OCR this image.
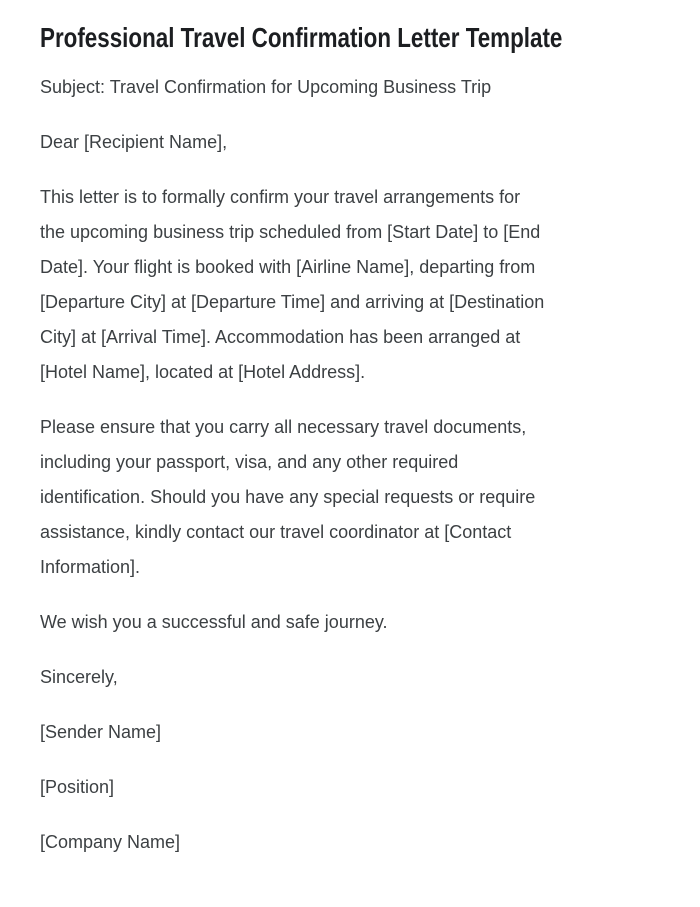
Professional Travel Confirmation Letter Template

Subject: Travel Confirmation for Upcoming Business Trip

Dear [Recipient Name],

This letter is to formally confirm your travel arrangements for
the upcoming business trip scheduled from [Start Date] to [End
Date]. Your flight is booked with [Airline Name], departing from
[Departure City] at [Departure Time] and arriving at [Destination
City] at [Arrival Time]. Accommodation has been arranged at
[Hotel Name], located at [Hotel Address].

Please ensure that you carry all necessary travel documents,
including your passport, visa, and any other required
identification. Should you have any special requests or require
assistance, kindly contact our travel coordinator at [Contact
Information].

We wish you a successful and safe journey.

Sincerely,

[Sender Name]

[Position]

[Company Name]
